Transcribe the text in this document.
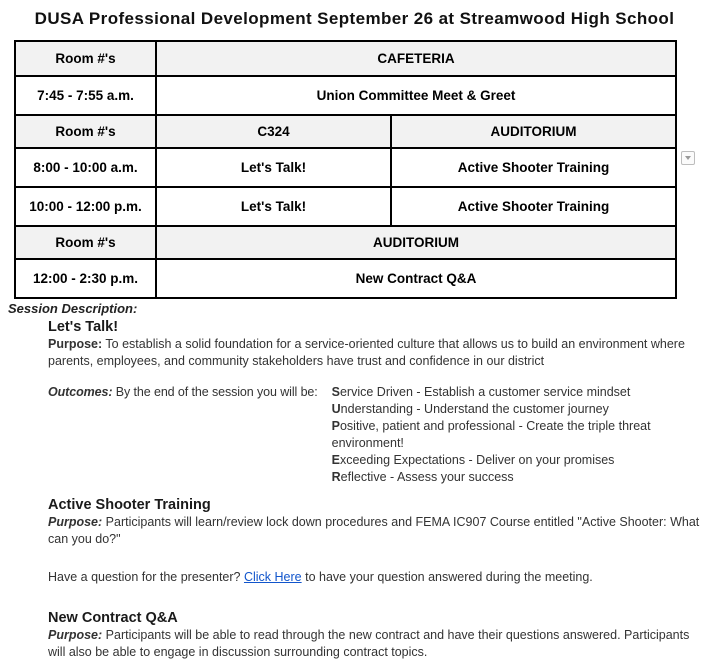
DUSA Professional Development September 26 at Streamwood High School
Room #'s	CAFETERIA	
7:45 - 7:55 a.m.	Union Committee Meet & Greet	
Room #'s	C324	AUDITORIUM
8:00 - 10:00 a.m.	Let's Talk!	Active Shooter Training
10:00 - 12:00 p.m.	Let's Talk!	Active Shooter Training
Room #'s	AUDITORIUM	
12:00 - 2:30 p.m.	New Contract Q&A	
Session Description:
Let's Talk!
Purpose: To establish a solid foundation for a service-oriented culture that allows us to build an environment where parents, employees, and community stakeholders have trust and confidence in our district
Outcomes: By the end of the session you will be: Service Driven - Establish a customer service mindset
Understanding - Understand the customer journey
Positive, patient and professional - Create the triple threat environment!
Exceeding Expectations - Deliver on your promises
Reflective - Assess your success
Active Shooter Training
Purpose: Participants will learn/review lock down procedures and FEMA IC907 Course entitled "Active Shooter: What can you do?"
Have a question for the presenter? Click Here to have your question answered during the meeting.
New Contract Q&A
Purpose: Participants will be able to read through the new contract and have their questions answered. Participants will also be able to engage in discussion surrounding contract topics.
